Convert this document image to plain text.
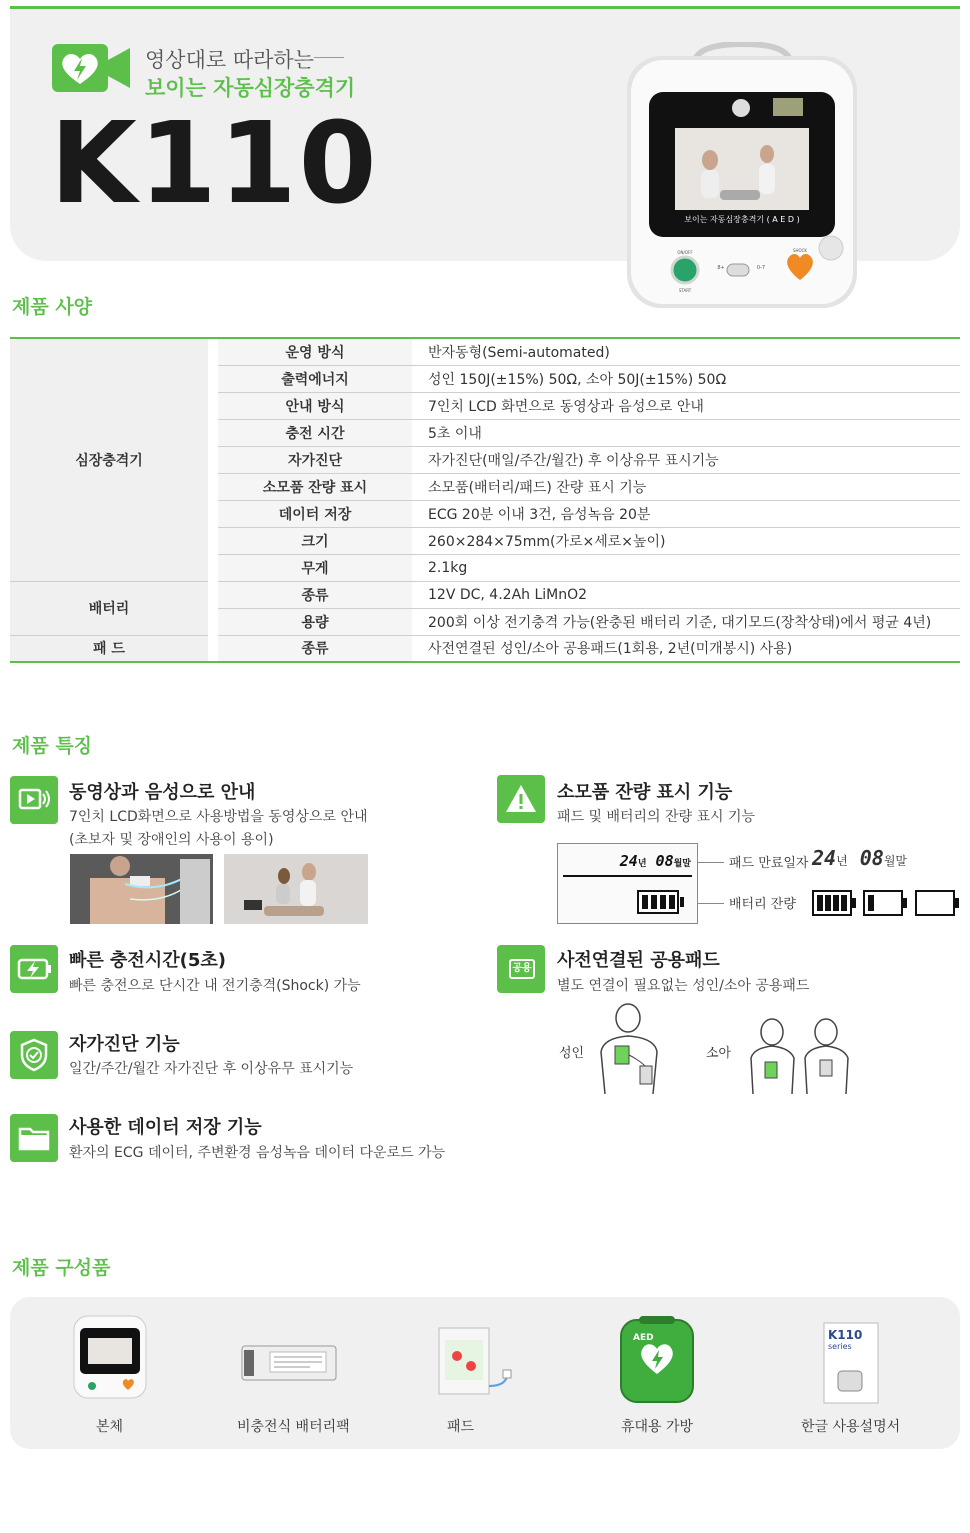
영상대로 따라하는
보이는 자동심장충격기
K110	보이는 자동심장충격기 ( A E D )
ON/OFF
START
8+	0-7
SHOCK
제품 사양
심장충격기		운영 방식	반자동형(Semi-automated)
		출력에너지	성인 150J(±15%) 50Ω, 소아 50J(±15%) 50Ω
		안내 방식	7인치 LCD 화면으로 동영상과 음성으로 안내
		충전 시간	5초 이내
		자가진단	자가진단(매일/주간/월간) 후 이상유무 표시기능
		소모품 잔량 표시	소모품(배터리/패드) 잔량 표시 기능
		데이터 저장	ECG 20분 이내 3건, 음성녹음 20분
		크기	260×284×75mm(가로×세로×높이)
		무게	2.1kg
배터리		종류	12V DC, 4.2Ah LiMnO2
		용량	200회 이상 전기충격 가능(완충된 배터리 기준, 대기모드(장착상태)에서 평균 4년)
패 드		종류	사전연결된 성인/소아 공용패드(1회용, 2년(미개봉시) 사용)
제품 특징
동영상과 음성으로 안내
7인치 LCD화면으로 사용방법을 동영상으로 안내
(초보자 및 장애인의 사용이 용이)
빠른 충전시간(5초)
빠른 충전으로 단시간 내 전기충격(Shock) 가능
자가진단 기능
일간/주간/월간 자가진단 후 이상유무 표시기능
사용한 데이터 저장 기능
환자의 ECG 데이터, 주변환경 음성녹음 데이터 다운로드 가능
소모품 잔량 표시 기능
패드 및 배터리의 잔량 표시 기능
24년 08월말	패드 만료일자 24년 08월말
배터리 잔량
공용 사전연결된 공용패드
별도 연결이 필요없는 성인/소아 공용패드
성인	소아
제품 구성품
본체	비충전식 배터리팩	패드
AED
휴대용 가방
K110
series
한글 사용설명서
